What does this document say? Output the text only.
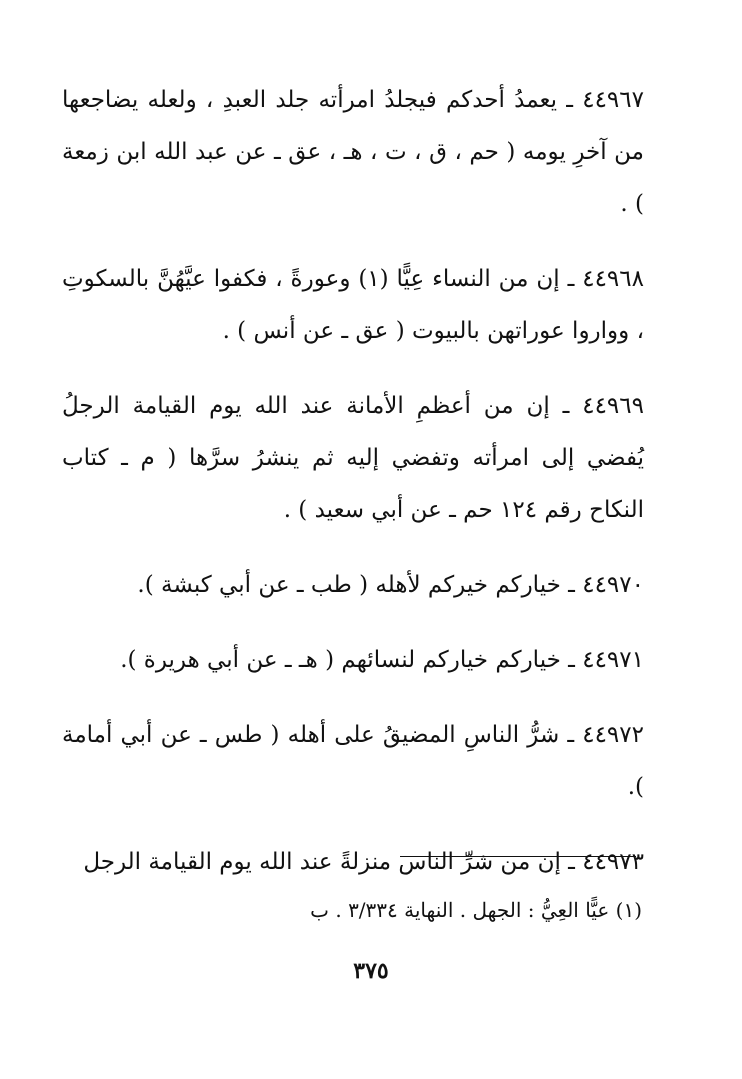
٤٤٩٦٧ ـ يعمدُ أحدكم فيجلدُ امرأته جلد العبدِ ، ولعله يضاجعها من آخرِ يومه ( حم ، ق ، ت ، هـ ، عق ـ عن عبد الله ابن زمعة ) .

٤٤٩٦٨ ـ إن من النساء عِيًّا (١) وعورةً ، فكفوا عيَّهُنَّ بالسكوتِ ، وواروا عوراتهن بالبيوت ( عق ـ عن أنس ) .

٤٤٩٦٩ ـ إن من أعظمِ الأمانة عند الله يوم القيامة الرجلُ يُفضي إلى امرأته وتفضي إليه ثم ينشرُ سرَّها ( م ـ كتاب النكاح رقم ١٢٤ حم ـ عن أبي سعيد ) .

٤٤٩٧٠ ـ خياركم خيركم لأهله ( طب ـ عن أبي كبشة ).

٤٤٩٧١ ـ خياركم خياركم لنسائهم ( هـ ـ عن أبي هريرة ).

٤٤٩٧٢ ـ شرُّ الناسِ المضيقُ على أهله ( طس ـ عن أبي أمامة ).

٤٤٩٧٣ ـ إن من شرِّ الناس منزلةً عند الله يوم القيامة الرجل

(١) عيًّا العِيُّ : الجهل . النهاية ٣/٣٣٤ . ب
٣٧٥
